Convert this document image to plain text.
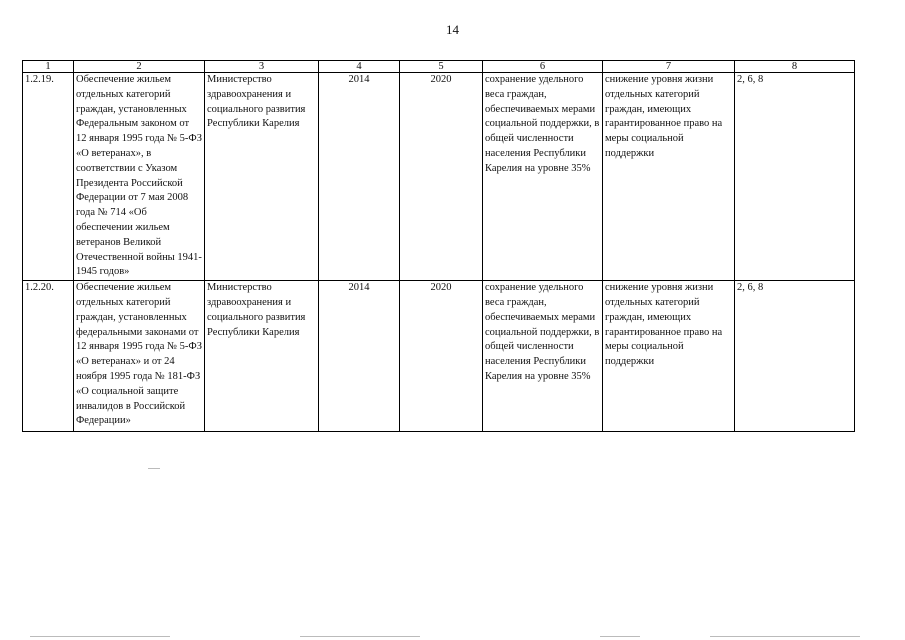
14
1	2	3	4	5	6	7	8
1.2.19.	Обеспечение жильем отдельных категорий граждан, установленных Федеральным законом от 12 января 1995 года № 5-ФЗ «О ветеранах», в соответствии с Указом Президента Российской Федерации от 7 мая 2008 года № 714 «Об обеспечении жильем ветеранов Великой Отечественной войны 1941-1945 годов»	Министерство здравоохранения и социального развития Республики Карелия	2014	2020	сохранение удельного веса граждан, обеспечиваемых мерами социальной поддержки, в общей численности населения Республики Карелия на уровне 35%	снижение уровня жизни отдельных категорий граждан, имеющих гарантированное право на меры социальной поддержки	2, 6, 8
1.2.20.	Обеспечение жильем отдельных категорий граждан, установленных федеральными законами от 12 января 1995 года № 5-ФЗ «О ветеранах» и от 24 ноября 1995 года № 181-ФЗ «О социальной защите инвалидов в Российской Федерации»	Министерство здравоохранения и социального развития Республики Карелия	2014	2020	сохранение удельного веса граждан, обеспечиваемых мерами социальной поддержки, в общей численности населения Республики Карелия на уровне 35%	снижение уровня жизни отдельных категорий граждан, имеющих гарантированное право на меры социальной поддержки	2, 6, 8
